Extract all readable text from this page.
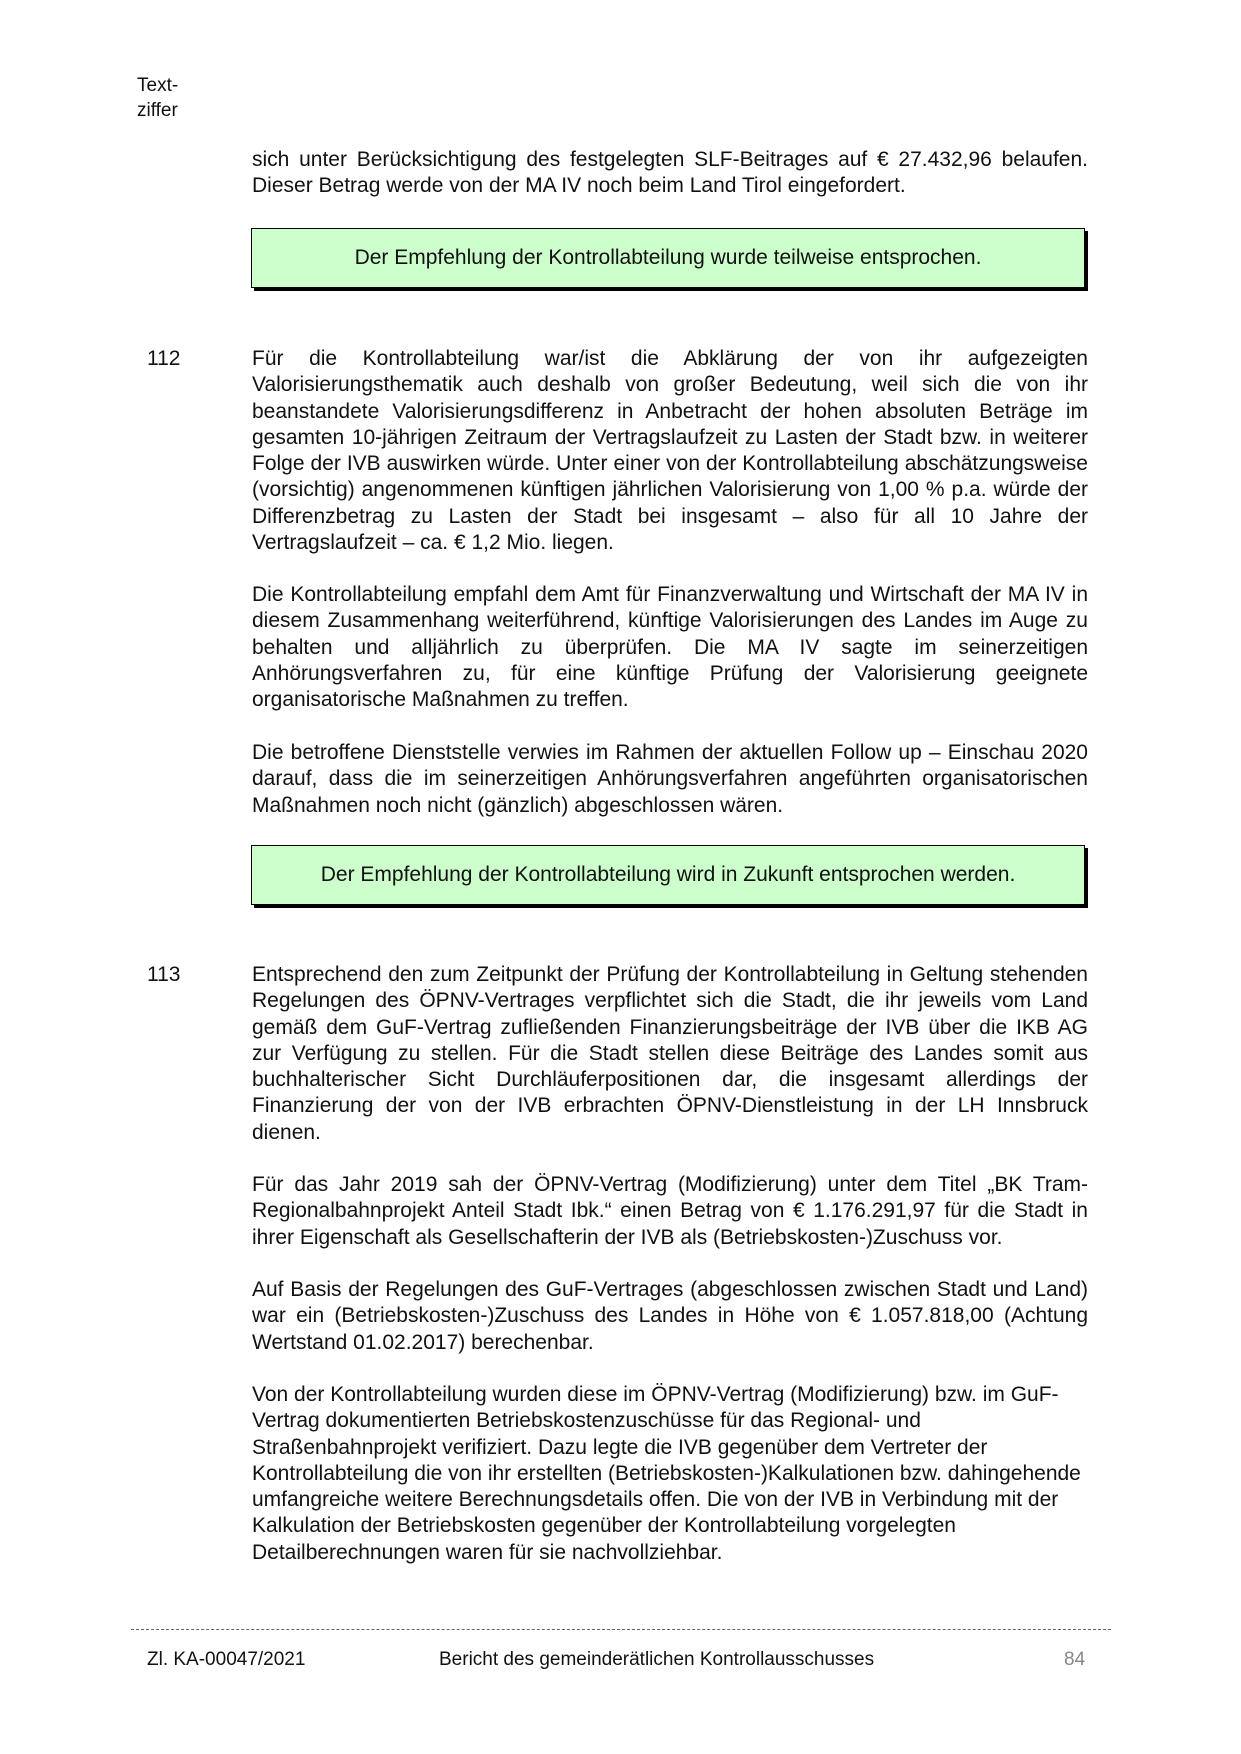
Text-
ziffer

sich unter Berücksichtigung des festgelegten SLF-Beitrages auf € 27.432,96 belaufen. Dieser Betrag werde von der MA IV noch beim Land Tirol eingefordert.

Der Empfehlung der Kontrollabteilung wurde teilweise entsprochen.
112	Für die Kontrollabteilung war/ist die Abklärung der von ihr aufgezeigten Valorisierungsthematik auch deshalb von großer Bedeutung, weil sich die von ihr beanstandete Valorisierungsdifferenz in Anbetracht der hohen absoluten Beträge im gesamten 10-jährigen Zeitraum der Vertragslaufzeit zu Lasten der Stadt bzw. in weiterer Folge der IVB auswirken würde. Unter einer von der Kontrollabteilung abschätzungsweise (vorsichtig) angenommenen künftigen jährlichen Valorisierung von 1,00 % p.a. würde der Differenzbetrag zu Lasten der Stadt bei insgesamt – also für all 10 Jahre der Vertragslaufzeit – ca. € 1,2 Mio. liegen.

Die Kontrollabteilung empfahl dem Amt für Finanzverwaltung und Wirtschaft der MA IV in diesem Zusammenhang weiterführend, künftige Valorisierungen des Landes im Auge zu behalten und alljährlich zu überprüfen. Die MA IV sagte im seinerzeitigen Anhörungsverfahren zu, für eine künftige Prüfung der Valorisierung geeignete organisatorische Maßnahmen zu treffen.

Die betroffene Dienststelle verwies im Rahmen der aktuellen Follow up – Einschau 2020 darauf, dass die im seinerzeitigen Anhörungsverfahren angeführten organisatorischen Maßnahmen noch nicht (gänzlich) abgeschlossen wären.

Der Empfehlung der Kontrollabteilung wird in Zukunft entsprochen werden.
113	Entsprechend den zum Zeitpunkt der Prüfung der Kontrollabteilung in Geltung stehenden Regelungen des ÖPNV-Vertrages verpflichtet sich die Stadt, die ihr jeweils vom Land gemäß dem GuF-Vertrag zufließenden Finanzierungsbeiträge der IVB über die IKB AG zur Verfügung zu stellen. Für die Stadt stellen diese Beiträge des Landes somit aus buchhalterischer Sicht Durchläuferpositionen dar, die insgesamt allerdings der Finanzierung der von der IVB erbrachten ÖPNV-Dienstleistung in der LH Innsbruck dienen.

Für das Jahr 2019 sah der ÖPNV-Vertrag (Modifizierung) unter dem Titel „BK Tram-Regionalbahnprojekt Anteil Stadt Ibk.“ einen Betrag von € 1.176.291,97 für die Stadt in ihrer Eigenschaft als Gesellschafterin der IVB als (Betriebskosten-)Zuschuss vor.

Auf Basis der Regelungen des GuF-Vertrages (abgeschlossen zwischen Stadt und Land) war ein (Betriebskosten-)Zuschuss des Landes in Höhe von € 1.057.818,00 (Achtung Wertstand 01.02.2017) berechenbar.

Von der Kontrollabteilung wurden diese im ÖPNV-Vertrag (Modifizierung) bzw. im GuF-Vertrag dokumentierten Betriebskostenzuschüsse für das Regional- und Straßenbahnprojekt verifiziert. Dazu legte die IVB gegenüber dem Vertreter der Kontrollabteilung die von ihr erstellten (Betriebskosten-)Kalkulationen bzw. dahingehende umfangreiche weitere Berechnungsdetails offen. Die von der IVB in Verbindung mit der Kalkulation der Betriebskosten gegenüber der Kontrollabteilung vorgelegten Detailberechnungen waren für sie nachvollziehbar.

Zl. KA-00047/2021	Bericht des gemeinderätlichen Kontrollausschusses	84
